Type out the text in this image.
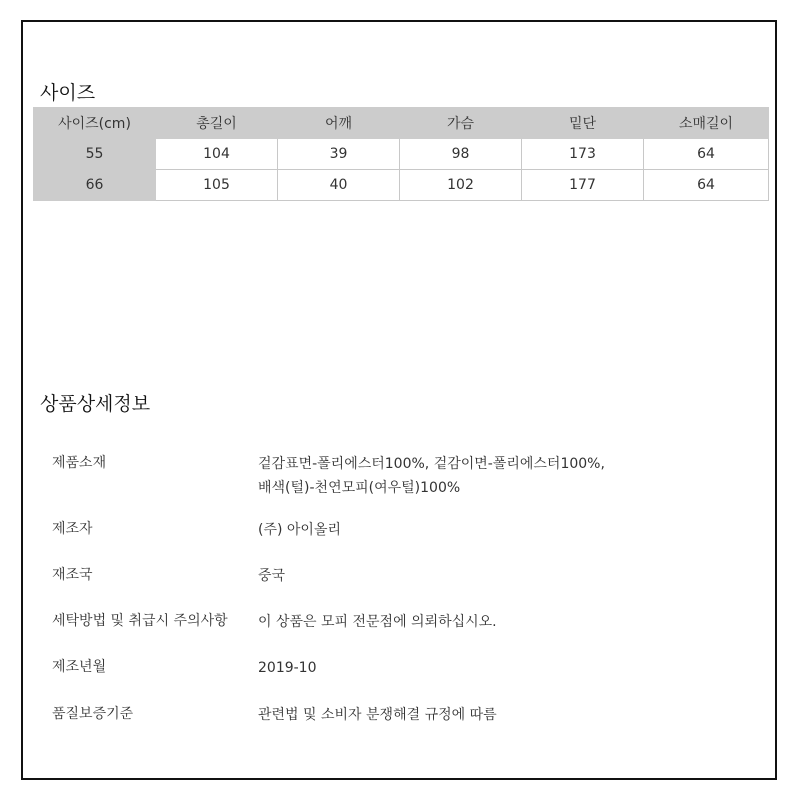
사이즈
사이즈(cm)	총길이	어깨	가슴	밑단	소매길이
55	104	39	98	173	64
66	105	40	102	177	64
상품상세정보
제품소재	겉감표면-폴리에스터100%, 겉감이면-폴리에스터100%,
배색(털)-천연모피(여우털)100%
제조자	(주) 아이올리
재조국	중국
세탁방법 및 취급시 주의사항	이 상품은 모피 전문점에 의뢰하십시오.
제조년월	2019-10
품질보증기준	관련법 및 소비자 분쟁해결 규정에 따름
